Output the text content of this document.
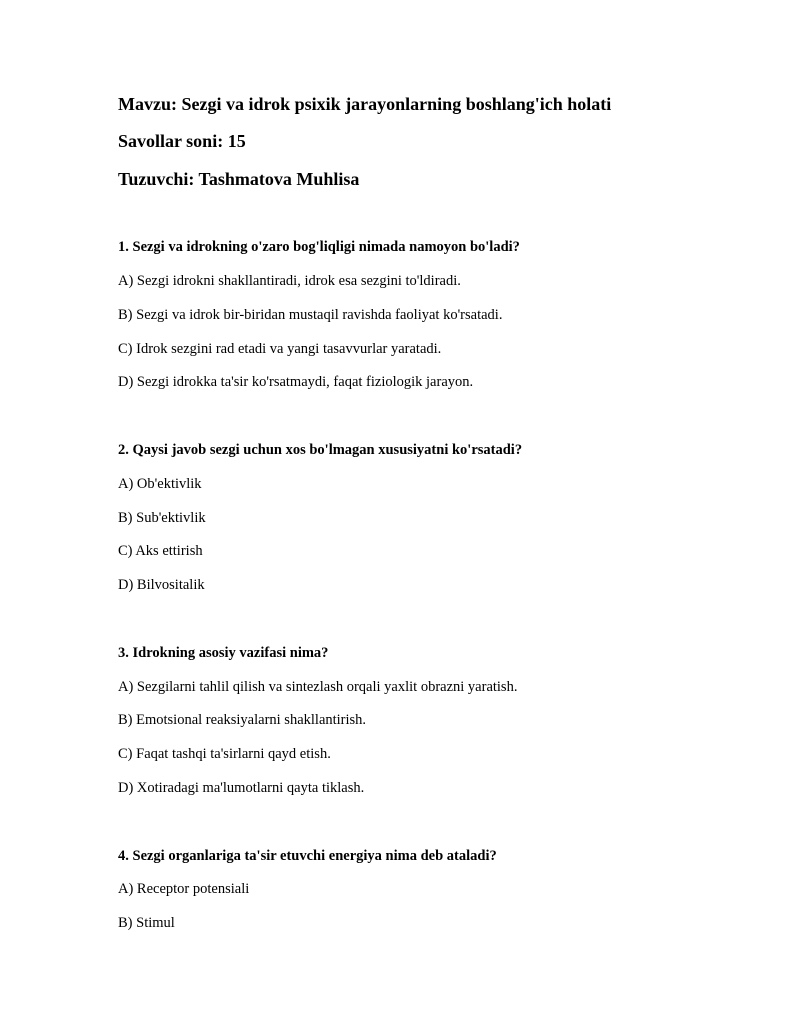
Mavzu: Sezgi va idrok psixik jarayonlarning boshlang'ich holati
Savollar soni: 15
Tuzuvchi: Tashmatova Muhlisa
1. Sezgi va idrokning o'zaro bog'liqligi nimada namoyon bo'ladi?
A) Sezgi idrokni shakllantiradi, idrok esa sezgini to'ldiradi.
B) Sezgi va idrok bir-biridan mustaqil ravishda faoliyat ko'rsatadi.
C) Idrok sezgini rad etadi va yangi tasavvurlar yaratadi.
D) Sezgi idrokka ta'sir ko'rsatmaydi, faqat fiziologik jarayon.
2. Qaysi javob sezgi uchun xos bo'lmagan xususiyatni ko'rsatadi?
A) Ob'ektivlik
B) Sub'ektivlik
C) Aks ettirish
D) Bilvositalik
3. Idrokning asosiy vazifasi nima?
A) Sezgilarni tahlil qilish va sintezlash orqali yaxlit obrazni yaratish.
B) Emotsional reaksiyalarni shakllantirish.
C) Faqat tashqi ta'sirlarni qayd etish.
D) Xotiradagi ma'lumotlarni qayta tiklash.
4. Sezgi organlariga ta'sir etuvchi energiya nima deb ataladi?
A) Receptor potensiali
B) Stimul
